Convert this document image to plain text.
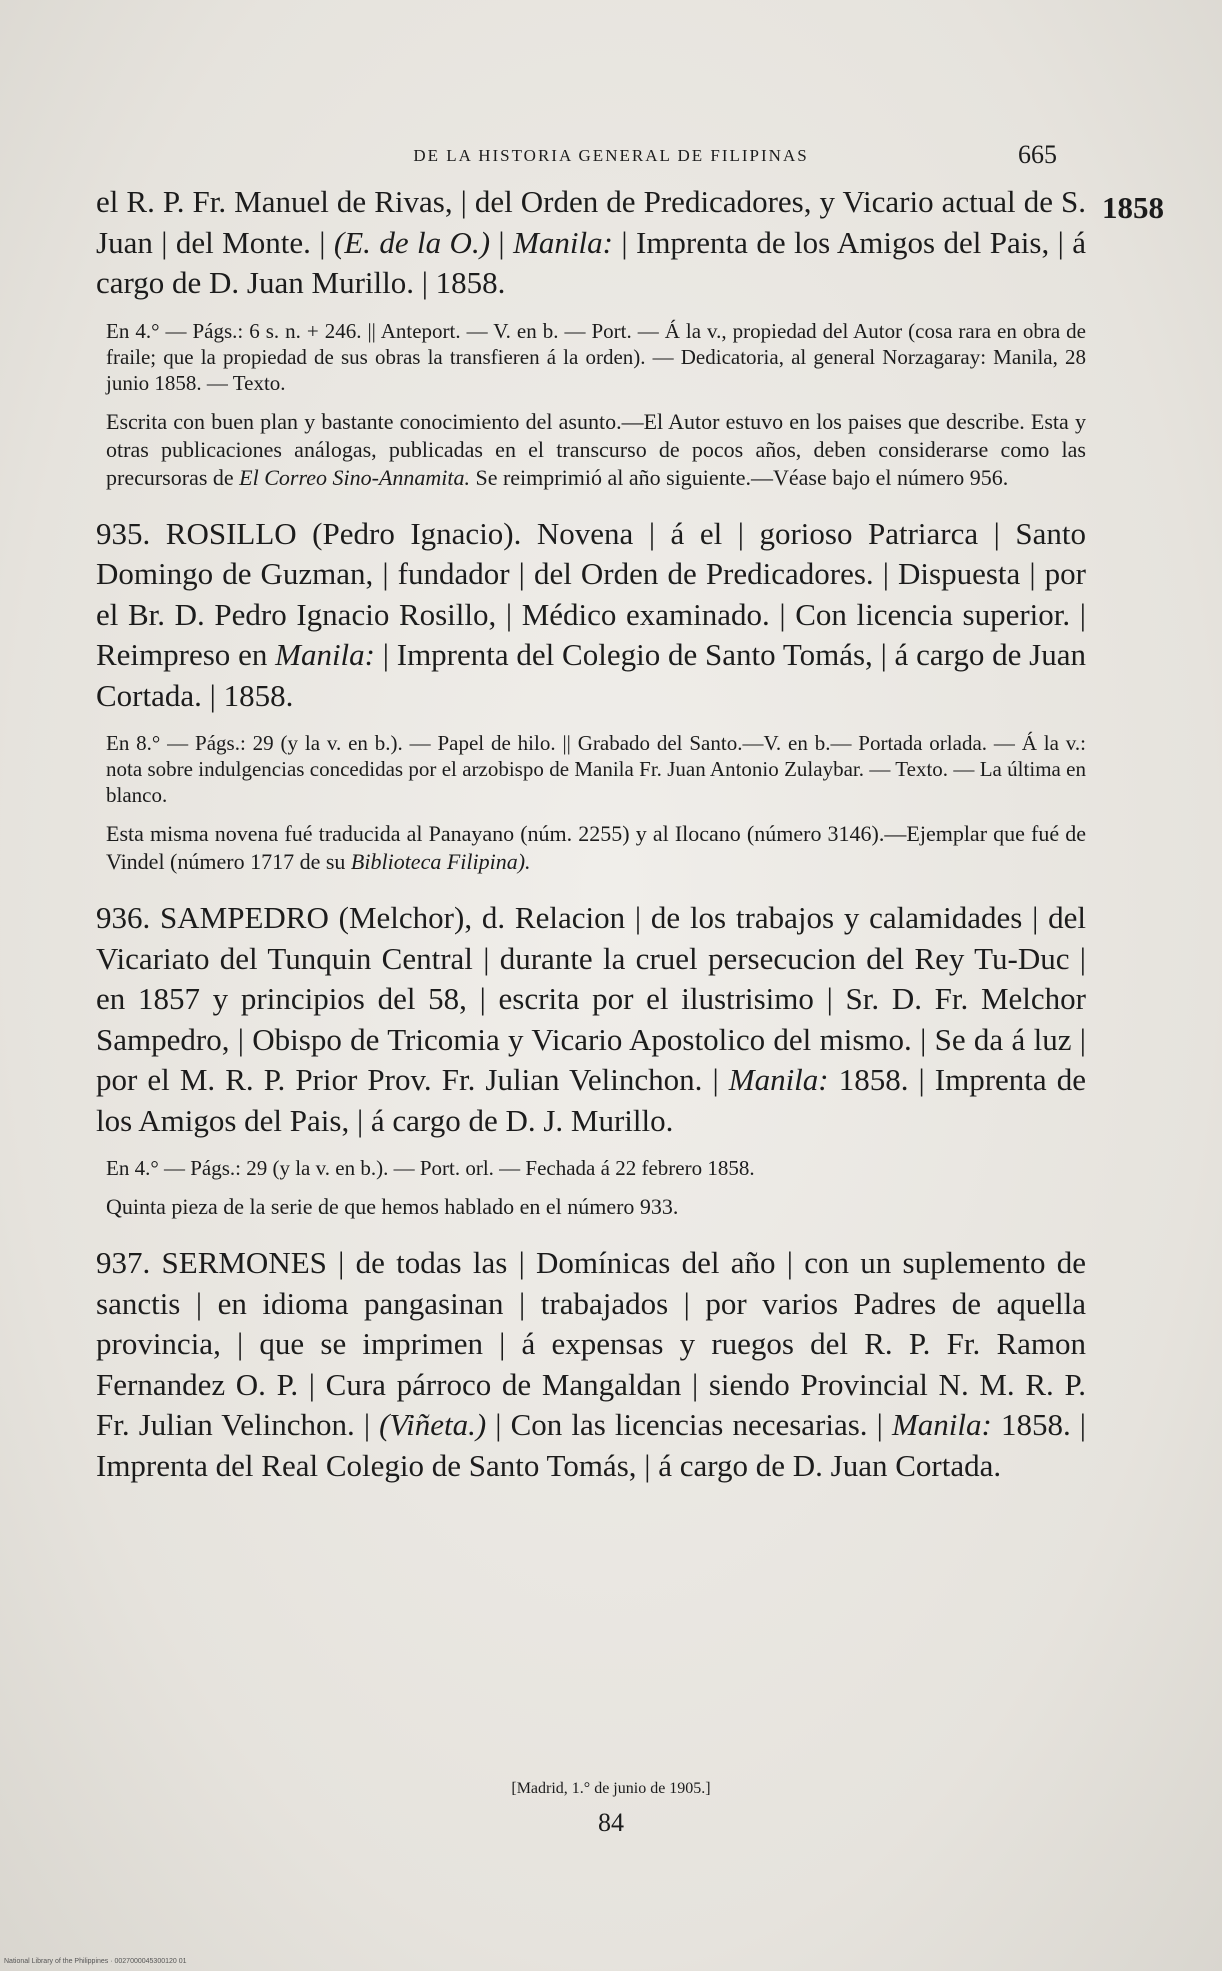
DE LA HISTORIA GENERAL DE FILIPINAS	665
1858

el R. P. Fr. Manuel de Rivas, | del Orden de Predicadores, y Vicario actual de S. Juan | del Monte. | (E. de la O.) | Manila: | Imprenta de los Amigos del Pais, | á cargo de D. Juan Murillo. | 1858.

En 4.° — Págs.: 6 s. n. + 246. || Anteport. — V. en b. — Port. — Á la v., propiedad del Autor (cosa rara en obra de fraile; que la propiedad de sus obras la transfieren á la orden). — Dedicatoria, al general Norzagaray: Manila, 28 junio 1858. — Texto.

Escrita con buen plan y bastante conocimiento del asunto.—El Autor estuvo en los paises que describe. Esta y otras publicaciones análogas, publicadas en el transcurso de pocos años, deben considerarse como las precursoras de El Correo Sino-Annamita. Se reimprimió al año siguiente.—Véase bajo el número 956.

935. ROSILLO (Pedro Ignacio). Novena | á el | gorioso Patriarca | Santo Domingo de Guzman, | fundador | del Orden de Predicadores. | Dispuesta | por el Br. D. Pedro Ignacio Rosillo, | Médico examinado. | Con licencia superior. | Reimpreso en Manila: | Imprenta del Colegio de Santo Tomás, | á cargo de Juan Cortada. | 1858.

En 8.° — Págs.: 29 (y la v. en b.). — Papel de hilo. || Grabado del Santo.—V. en b.— Portada orlada. — Á la v.: nota sobre indulgencias concedidas por el arzobispo de Manila Fr. Juan Antonio Zulaybar. — Texto. — La última en blanco.

Esta misma novena fué traducida al Panayano (núm. 2255) y al Ilocano (número 3146).—Ejemplar que fué de Vindel (número 1717 de su Biblioteca Filipina).

936. SAMPEDRO (Melchor), d. Relacion | de los trabajos y calamidades | del Vicariato del Tunquin Central | durante la cruel persecucion del Rey Tu-Duc | en 1857 y principios del 58, | escrita por el ilustrisimo | Sr. D. Fr. Melchor Sampedro, | Obispo de Tricomia y Vicario Apostolico del mismo. | Se da á luz | por el M. R. P. Prior Prov. Fr. Julian Velinchon. | Manila: 1858. | Imprenta de los Amigos del Pais, | á cargo de D. J. Murillo.

En 4.° — Págs.: 29 (y la v. en b.). — Port. orl. — Fechada á 22 febrero 1858.

Quinta pieza de la serie de que hemos hablado en el número 933.

937. SERMONES | de todas las | Domínicas del año | con un suplemento de sanctis | en idioma pangasinan | trabajados | por varios Padres de aquella provincia, | que se imprimen | á expensas y ruegos del R. P. Fr. Ramon Fernandez O. P. | Cura párroco de Mangaldan | siendo Provincial N. M. R. P. Fr. Julian Velinchon. | (Viñeta.) | Con las licencias necesarias. | Manila: 1858. | Imprenta del Real Colegio de Santo Tomás, | á cargo de D. Juan Cortada.

[Madrid, 1.° de junio de 1905.]
84
National Library of the Philippines · 0027000045300120 01
